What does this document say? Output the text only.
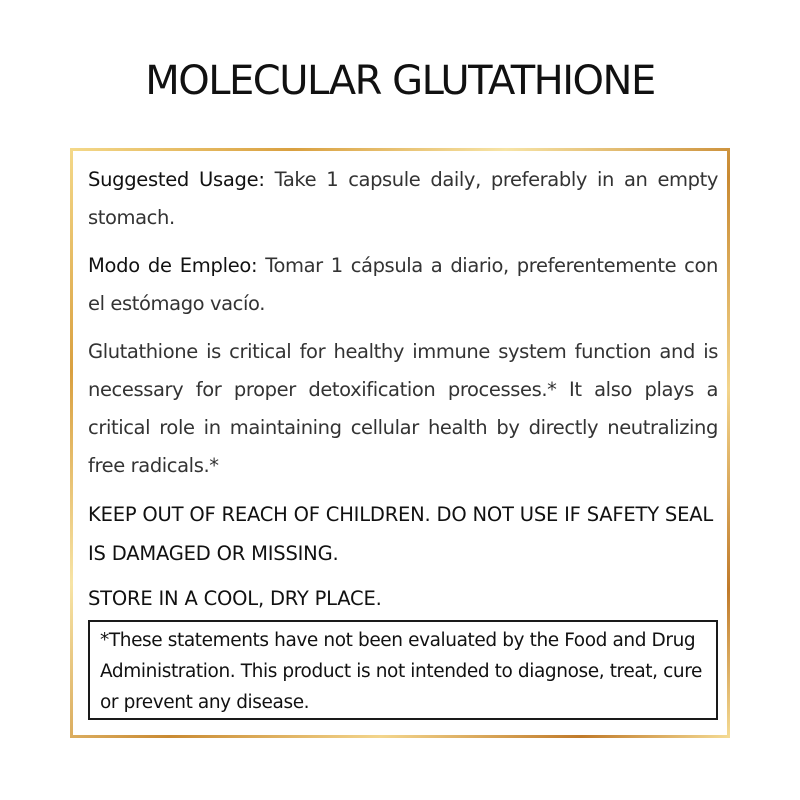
MOLECULAR GLUTATHIONE

Suggested Usage: Take 1 capsule daily, preferably in an empty stomach.

Modo de Empleo: Tomar 1 cápsula a diario, preferentemente con el estómago vacío.

Glutathione is critical for healthy immune system function and is necessary for proper detoxification processes.* It also plays a critical role in maintaining cellular health by directly neutralizing free radicals.*

KEEP OUT OF REACH OF CHILDREN. DO NOT USE IF SAFETY SEAL IS DAMAGED OR MISSING.

STORE IN A COOL, DRY PLACE.

*These statements have not been evaluated by the Food and Drug Administration. This product is not intended to diagnose, treat, cure or prevent any disease.
